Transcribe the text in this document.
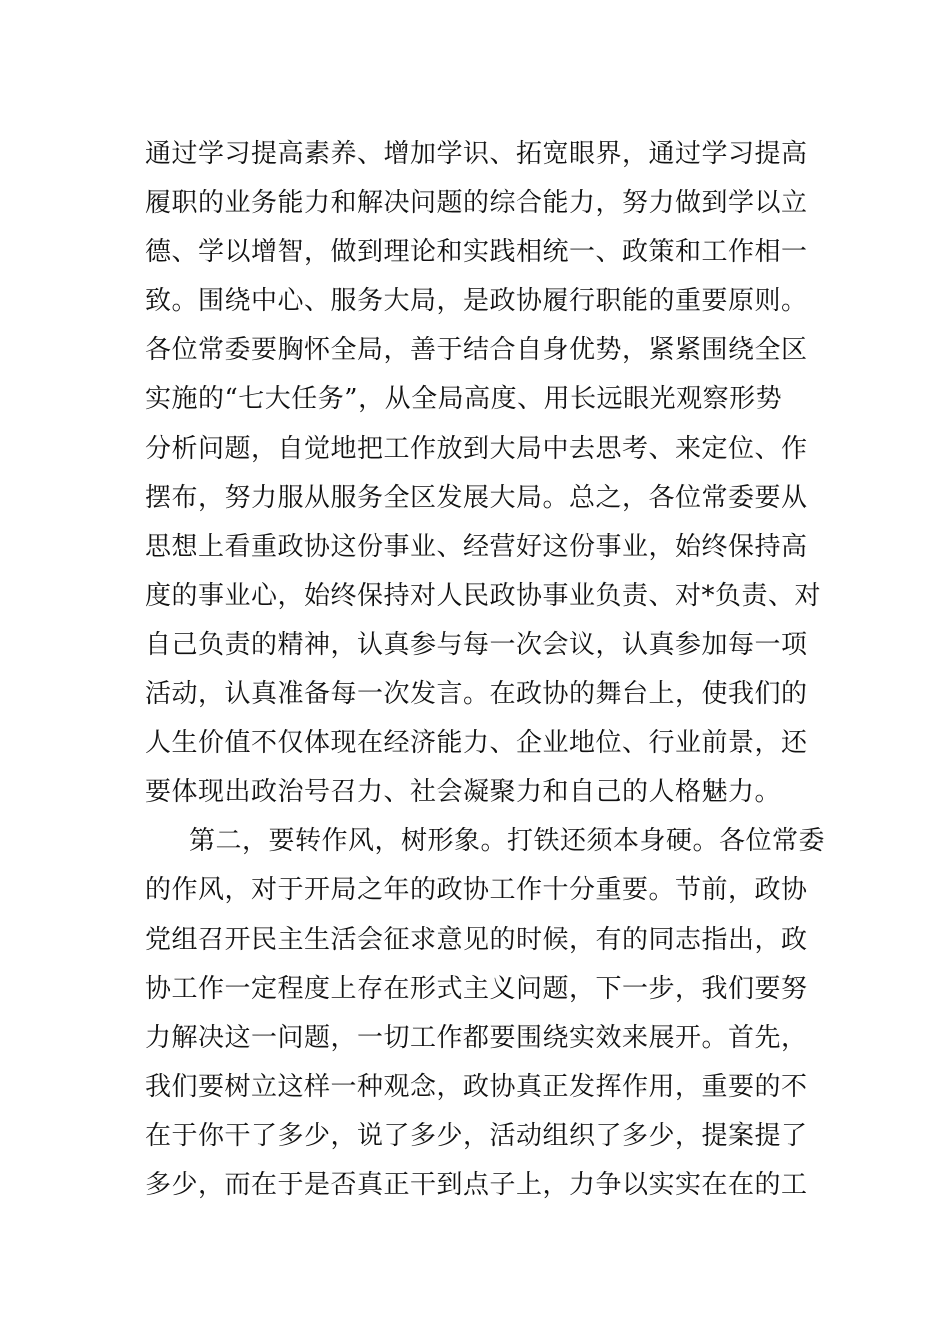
通过学习提高素养、增加学识、拓宽眼界，通过学习提高
履职的业务能力和解决问题的综合能力，努力做到学以立
德、学以增智，做到理论和实践相统一、政策和工作相一
致。围绕中心、服务大局，是政协履行职能的重要原则。
各位常委要胸怀全局，善于结合自身优势，紧紧围绕全区
实施的“七大任务”，从全局高度、用长远眼光观察形势
分析问题，自觉地把工作放到大局中去思考、来定位、作
摆布，努力服从服务全区发展大局。总之，各位常委要从
思想上看重政协这份事业、经营好这份事业，始终保持高
度的事业心，始终保持对人民政协事业负责、对*负责、对
自己负责的精神，认真参与每一次会议，认真参加每一项
活动，认真准备每一次发言。在政协的舞台上，使我们的
人生价值不仅体现在经济能力、企业地位、行业前景，还
要体现出政治号召力、社会凝聚力和自己的人格魅力。
第二，要转作风，树形象。打铁还须本身硬。各位常委
的作风，对于开局之年的政协工作十分重要。节前，政协
党组召开民主生活会征求意见的时候，有的同志指出，政
协工作一定程度上存在形式主义问题，下一步，我们要努
力解决这一问题，一切工作都要围绕实效来展开。首先，
我们要树立这样一种观念，政协真正发挥作用，重要的不
在于你干了多少，说了多少，活动组织了多少，提案提了
多少，而在于是否真正干到点子上，力争以实实在在的工
